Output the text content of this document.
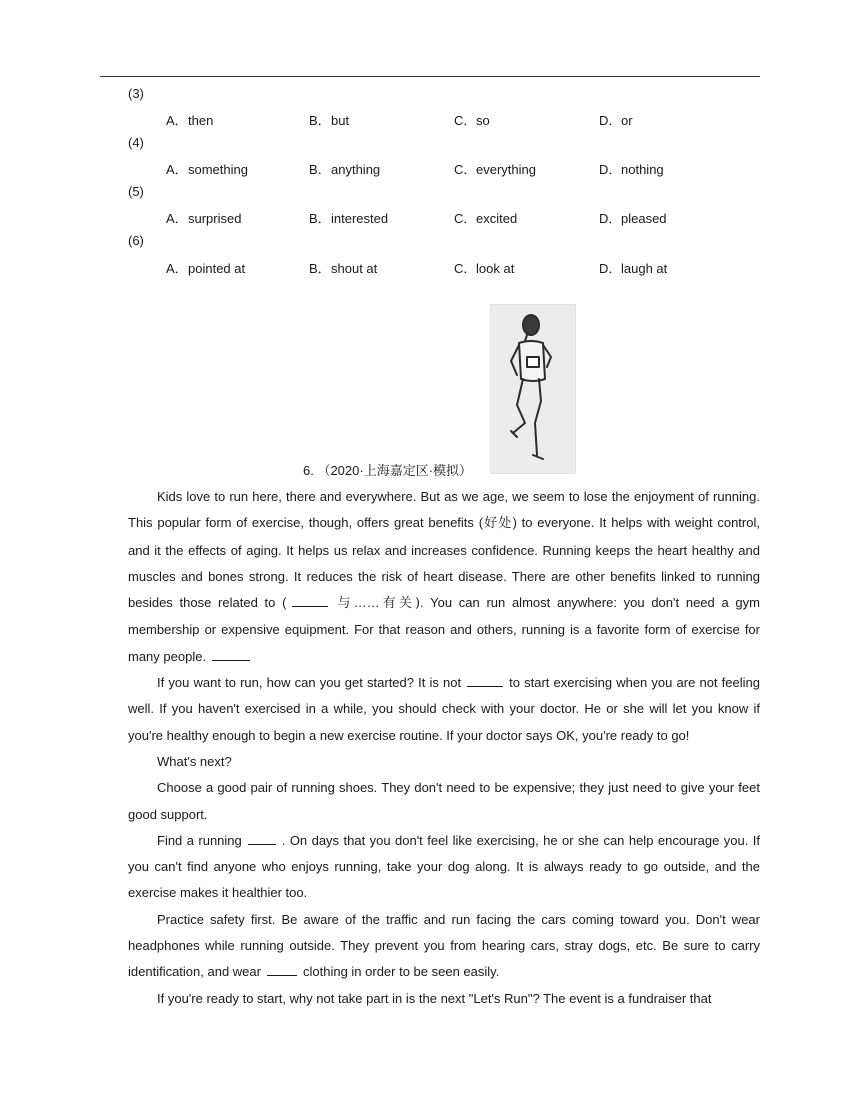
(3)
A．then	B．but	C．so	D．or
(4)
A．something	B．anything	C．everything	D．nothing
(5)
A．surprised	B．interested	C．excited	D．pleased
(6)
A．pointed at	B．shout at	C．look at	D．laugh at
6. （2020·上海嘉定区·模拟）

Kids love to run here, there and everywhere. But as we age, we seem to lose the enjoyment of running. This popular form of exercise, though, offers great benefits (好处) to everyone. It helps with weight control, and it the effects of aging. It helps us relax and increases confidence. Running keeps the heart healthy and muscles and bones strong. It reduces the risk of heart disease. There are other benefits linked to running besides those related to (	与……有关). You can run almost anywhere: you don't need a gym membership or expensive equipment. For that reason and others, running is a favorite form of exercise for many people.

If you want to run, how can you get started? It is not	to start exercising when you are not feeling well. If you haven't exercised in a while, you should check with your doctor. He or she will let you know if you're healthy enough to begin a new exercise routine. If your doctor says OK, you're ready to go!

What's next?

Choose a good pair of running shoes. They don't need to be expensive; they just need to give your feet good support.

Find a running	. On days that you don't feel like exercising, he or she can help encourage you. If you can't find anyone who enjoys running, take your dog along. It is always ready to go outside, and the exercise makes it healthier too.

Practice safety first. Be aware of the traffic and run facing the cars coming toward you. Don't wear headphones while running outside. They prevent you from hearing cars, stray dogs, etc. Be sure to carry identification, and wear	clothing in order to be seen easily.

If you're ready to start, why not take part in is the next "Let's Run"? The event is a fundraiser that
